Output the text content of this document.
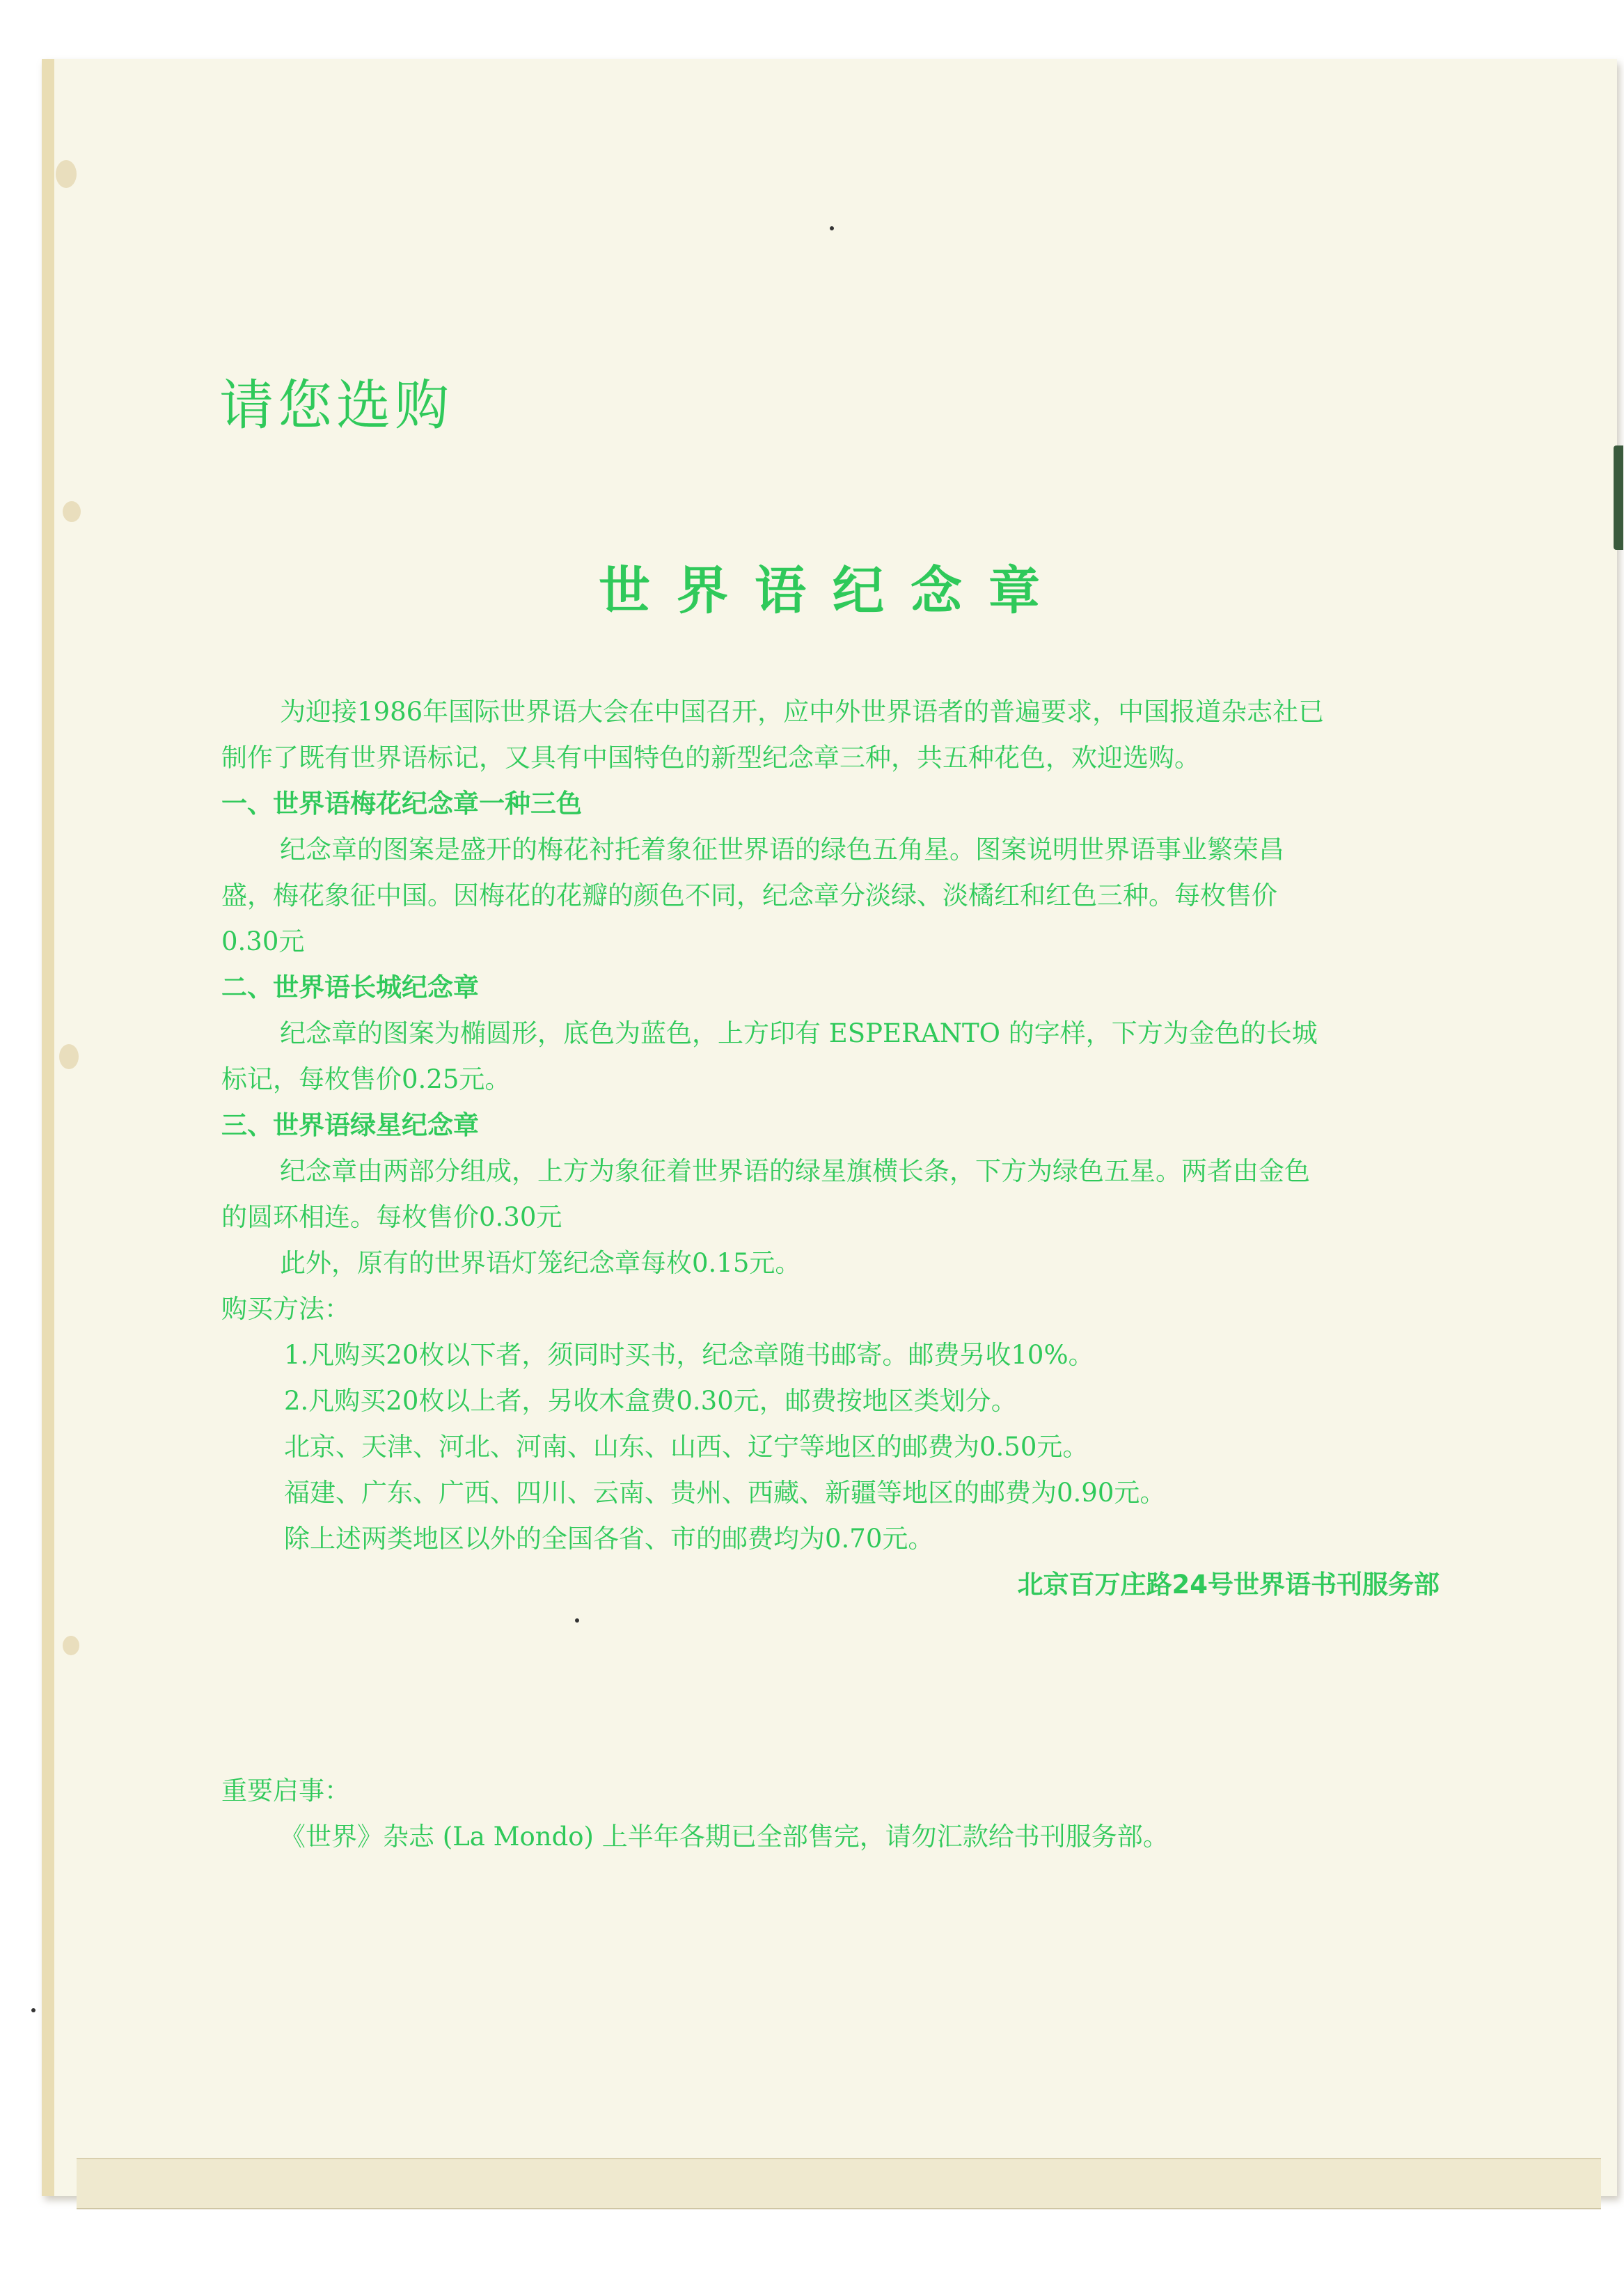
请您选购
世界语纪念章

为迎接1986年国际世界语大会在中国召开，应中外世界语者的普遍要求，中国报道杂志社已

制作了既有世界语标记，又具有中国特色的新型纪念章三种，共五种花色，欢迎选购。

一、世界语梅花纪念章一种三色

纪念章的图案是盛开的梅花衬托着象征世界语的绿色五角星。图案说明世界语事业繁荣昌

盛，梅花象征中国。因梅花的花瓣的颜色不同，纪念章分淡绿、淡橘红和红色三种。每枚售价

0.30元

二、世界语长城纪念章

纪念章的图案为椭圆形，底色为蓝色，上方印有 ESPERANTO 的字样，下方为金色的长城

标记，每枚售价0.25元。

三、世界语绿星纪念章

纪念章由两部分组成，上方为象征着世界语的绿星旗横长条，下方为绿色五星。两者由金色

的圆环相连。每枚售价0.30元

此外，原有的世界语灯笼纪念章每枚0.15元。

购买方法：

1.凡购买20枚以下者，须同时买书，纪念章随书邮寄。邮费另收10%。

2.凡购买20枚以上者，另收木盒费0.30元，邮费按地区类划分。

北京、天津、河北、河南、山东、山西、辽宁等地区的邮费为0.50元。

福建、广东、广西、四川、云南、贵州、西藏、新疆等地区的邮费为0.90元。

除上述两类地区以外的全国各省、市的邮费均为0.70元。

北京百万庄路24号世界语书刊服务部

重要启事：

《世界》杂志 (La Mondo) 上半年各期已全部售完，请勿汇款给书刊服务部。
